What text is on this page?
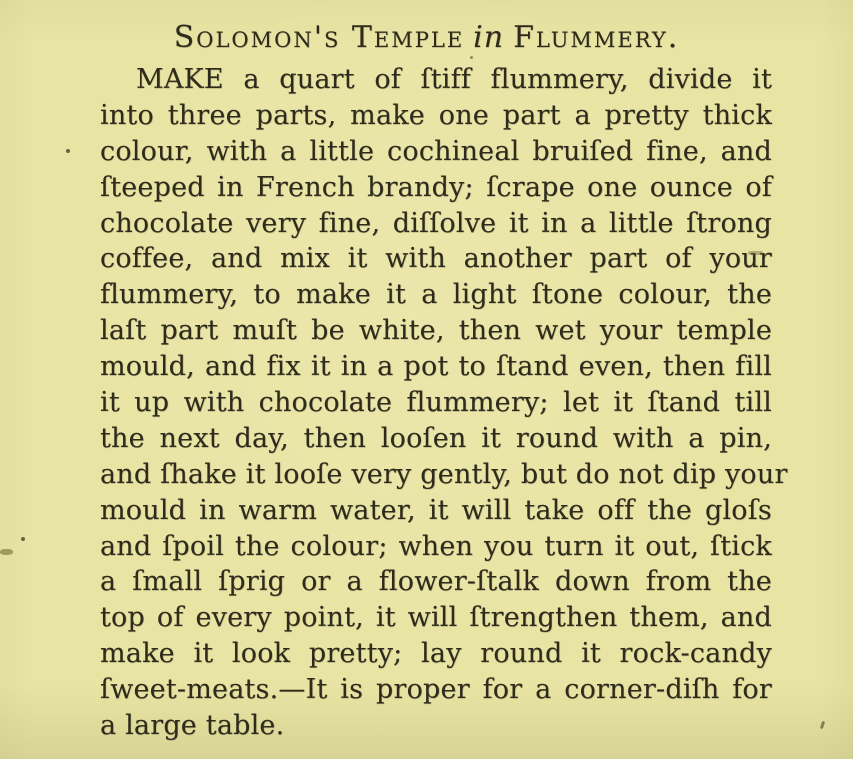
Solomon's Temple in Flummery.
MAKE a quart of ſtiff flummery, divide it
into three parts, make one part a pretty thick
colour, with a little cochineal bruiſed fine, and
ſteeped in French brandy; ſcrape one ounce of
chocolate very fine, diſſolve it in a little ſtrong
coffee, and mix it with another part of your
flummery, to make it a light ſtone colour, the
laſt part muſt be white, then wet your temple
mould, and fix it in a pot to ſtand even, then fill
it up with chocolate flummery; let it ſtand till
the next day, then looſen it round with a pin,
and ſhake it looſe very gently, but do not dip your
mould in warm water, it will take off the gloſs
and ſpoil the colour; when you turn it out, ſtick
a ſmall ſprig or a flower-ſtalk down from the
top of every point, it will ſtrengthen them, and
make it look pretty; lay round it rock-candy
ſweet-meats.—It is proper for a corner-diſh for
a large table.
